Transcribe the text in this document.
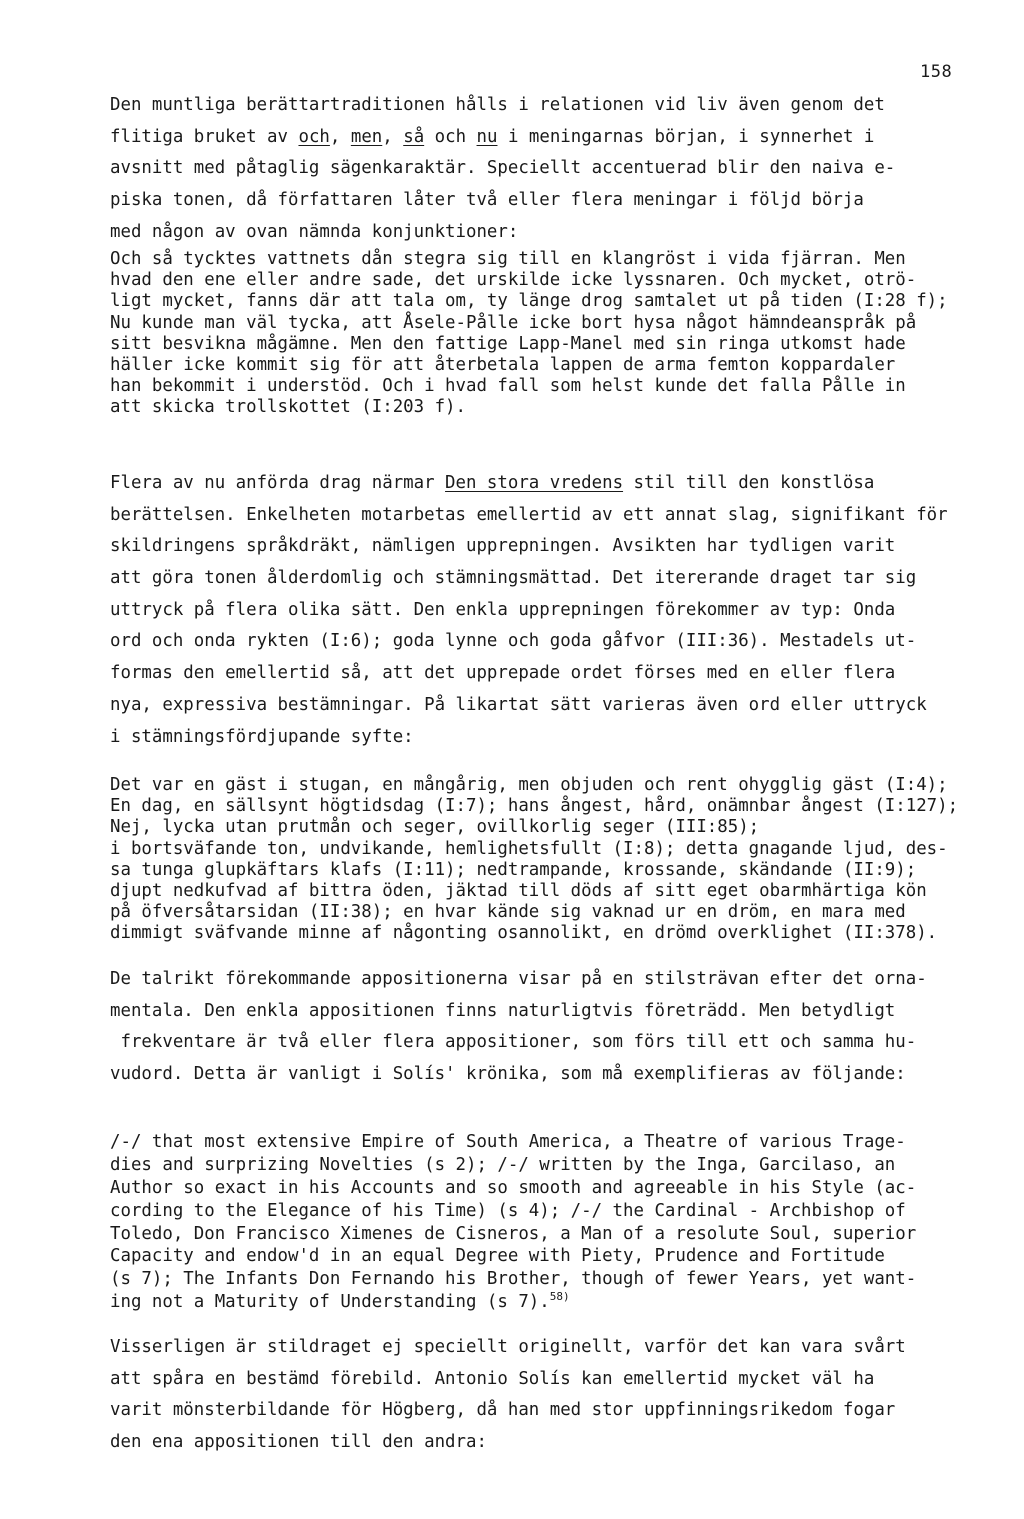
158
Den muntliga berättartraditionen hålls i relationen vid liv även genom det
flitiga bruket av och, men, så och nu i meningarnas början, i synnerhet i
avsnitt med påtaglig sägenkaraktär. Speciellt accentuerad blir den naiva e-
piska tonen, då författaren låter två eller flera meningar i följd börja
med någon av ovan nämnda konjunktioner:
Och så tycktes vattnets dån stegra sig till en klangröst i vida fjärran. Men
hvad den ene eller andre sade, det urskilde icke lyssnaren. Och mycket, otrö-
ligt mycket, fanns där att tala om, ty länge drog samtalet ut på tiden (I:28 f);
Nu kunde man väl tycka, att Åsele-Pålle icke bort hysa något hämndeanspråk på
sitt besvikna mågämne. Men den fattige Lapp-Manel med sin ringa utkomst hade
häller icke kommit sig för att återbetala lappen de arma femton koppardaler
han bekommit i understöd. Och i hvad fall som helst kunde det falla Pålle in
att skicka trollskottet (I:203 f).
Flera av nu anförda drag närmar Den stora vredens stil till den konstlösa
berättelsen. Enkelheten motarbetas emellertid av ett annat slag, signifikant för
skildringens språkdräkt, nämligen upprepningen. Avsikten har tydligen varit
att göra tonen ålderdomlig och stämningsmättad. Det itererande draget tar sig
uttryck på flera olika sätt. Den enkla upprepningen förekommer av typ: Onda
ord och onda rykten (I:6); goda lynne och goda gåfvor (III:36). Mestadels ut-
formas den emellertid så, att det upprepade ordet förses med en eller flera
nya, expressiva bestämningar. På likartat sätt varieras även ord eller uttryck
i stämningsfördjupande syfte:
Det var en gäst i stugan, en mångårig, men objuden och rent ohygglig gäst (I:4);
En dag, en sällsynt högtidsdag (I:7); hans ångest, hård, onämnbar ångest (I:127);
Nej, lycka utan prutmån och seger, ovillkorlig seger (III:85);
i bortsväfande ton, undvikande, hemlighetsfullt (I:8); detta gnagande ljud, des-
sa tunga glupkäftars klafs (I:11); nedtrampande, krossande, skändande (II:9);
djupt nedkufvad af bittra öden, jäktad till döds af sitt eget obarmhärtiga kön
på öfversåtarsidan (II:38); en hvar kände sig vaknad ur en dröm, en mara med
dimmigt sväfvande minne af någonting osannolikt, en drömd overklighet (II:378).
De talrikt förekommande appositionerna visar på en stilsträvan efter det orna-
mentala. Den enkla appositionen finns naturligtvis företrädd. Men betydligt
frekventare är två eller flera appositioner, som förs till ett och samma hu-
vudord. Detta är vanligt i Solís' krönika, som må exemplifieras av följande:
/-/ that most extensive Empire of South America, a Theatre of various Trage-
dies and surprizing Novelties (s 2); /-/ written by the Inga, Garcilaso, an
Author so exact in his Accounts and so smooth and agreeable in his Style (ac-
cording to the Elegance of his Time) (s 4); /-/ the Cardinal - Archbishop of
Toledo, Don Francisco Ximenes de Cisneros, a Man of a resolute Soul, superior
Capacity and endow'd in an equal Degree with Piety, Prudence and Fortitude
(s 7); The Infants Don Fernando his Brother, though of fewer Years, yet want-
ing not a Maturity of Understanding (s 7).$^{58)}$
Visserligen är stildraget ej speciellt originellt, varför det kan vara svårt
att spåra en bestämd förebild. Antonio Solís kan emellertid mycket väl ha
varit mönsterbildande för Högberg, då han med stor uppfinningsrikedom fogar
den ena appositionen till den andra:
